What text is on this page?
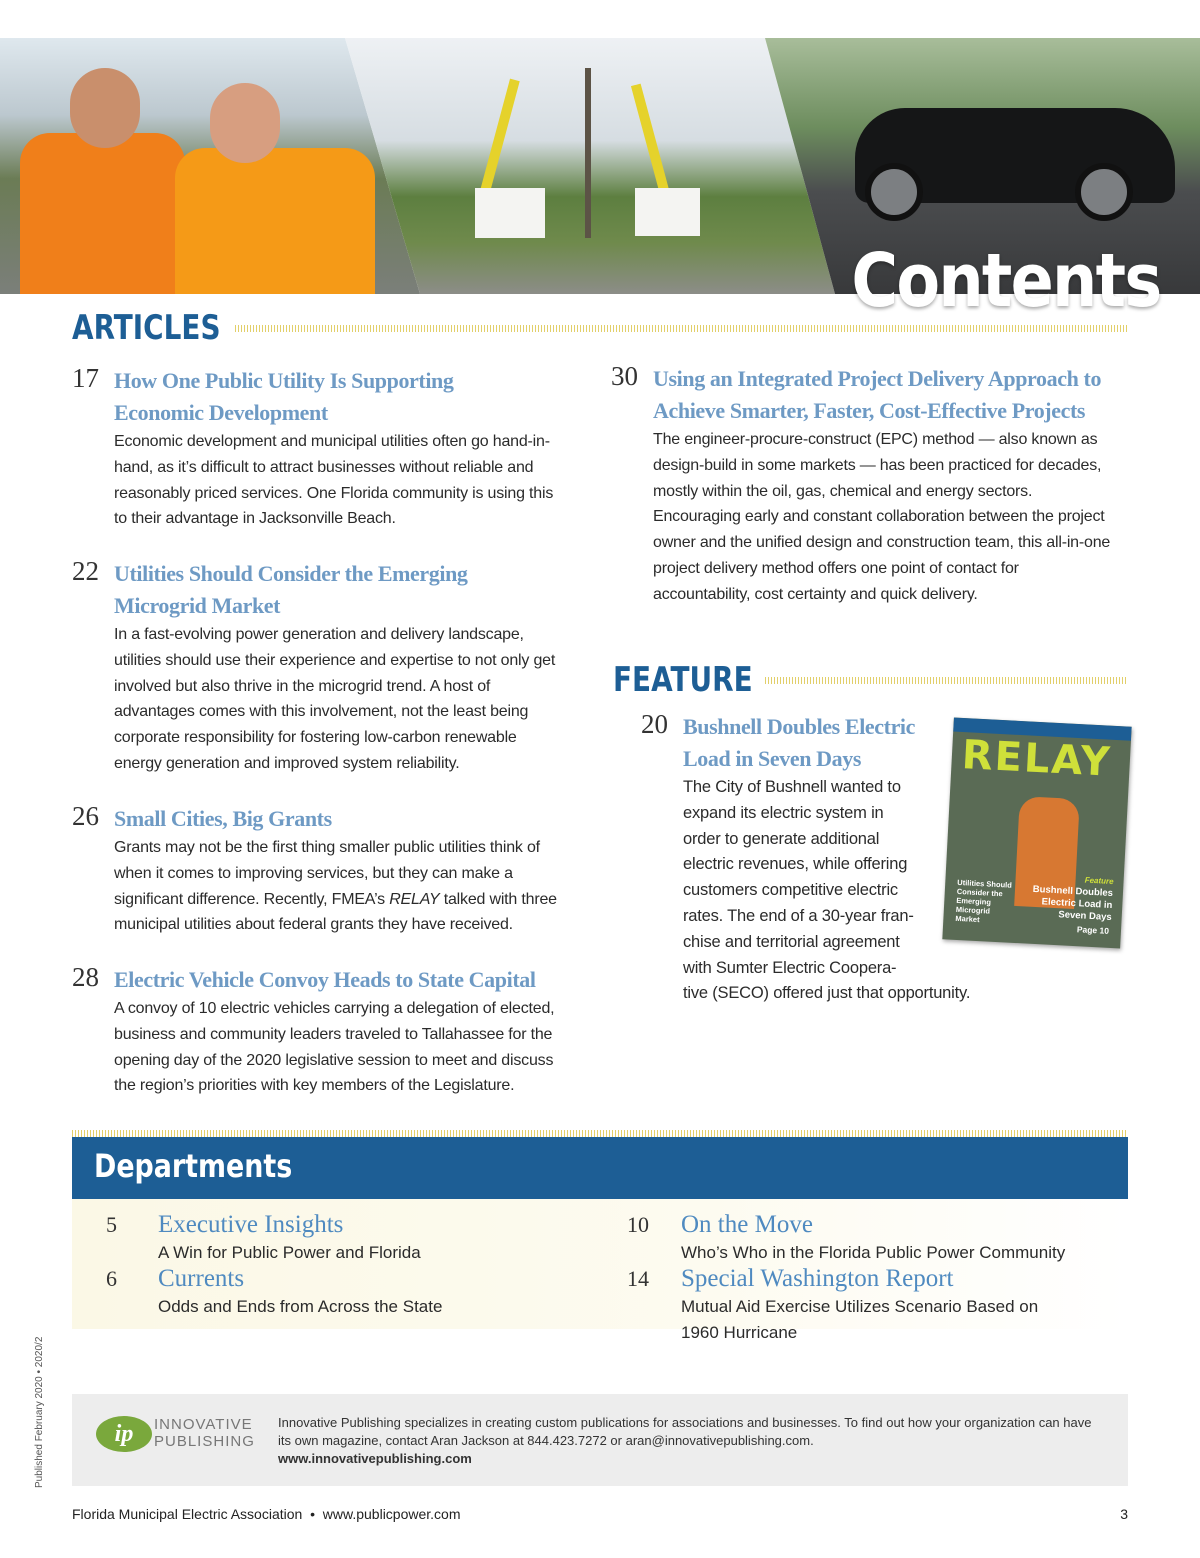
Contents
ARTICLES
17 How One Public Utility Is Supporting
Economic Development
Economic development and municipal utilities often go hand-in-hand, as it’s difficult to attract businesses without reliable and reasonably priced services. One Florida community is using this to their advantage in Jacksonville Beach.
22 Utilities Should Consider the Emerging
Microgrid Market
In a fast-evolving power generation and delivery landscape, utilities should use their experience and expertise to not only get involved but also thrive in the microgrid trend. A host of advantages comes with this involvement, not the least being corporate responsibility for fostering low-carbon renewable energy generation and improved system reliability.
26 Small Cities, Big Grants
Grants may not be the first thing smaller public utilities think of when it comes to improving services, but they can make a significant difference. Recently, FMEA’s RELAY talked with three municipal utilities about federal grants they have received.
28 Electric Vehicle Convoy Heads to State Capital
A convoy of 10 electric vehicles carrying a delegation of elected, business and community leaders traveled to Tallahassee for the opening day of the 2020 legislative session to meet and discuss the region’s priorities with key members of the Legislature.
30 Using an Integrated Project Delivery Approach to
Achieve Smarter, Faster, Cost-Effective Projects
The engineer-procure-construct (EPC) method — also known as design-build in some markets — has been practiced for decades, mostly within the oil, gas, chemical and energy sectors. Encouraging early and constant collaboration between the project owner and the unified design and construction team, this all-in-one project delivery method offers one point of contact for accountability, cost certainty and quick delivery.
FEATURE
20 Bushnell Doubles Electric
Load in Seven Days
The City of Bushnell wanted to
expand its electric system in
order to generate additional
electric revenues, while offering
customers competitive electric
rates. The end of a 30-year fran-
chise and territorial agreement
with Sumter Electric Coopera-
tive (SECO) offered just that opportunity.
RELAY
Utilities Should Consider the Emerging Microgrid Market
Feature
Bushnell Doubles Electric Load in Seven Days
Page 10
Departments
5 Executive Insights
A Win for Public Power and Florida
6 Currents
Odds and Ends from Across the State
10 On the Move
Who’s Who in the Florida Public Power Community
14 Special Washington Report
Mutual Aid Exercise Utilizes Scenario Based on
1960 Hurricane
Published February 2020 • 2020/2	ip	INNOVATIVE
PUBLISHING
Innovative Publishing specializes in creating custom publications for associations and businesses. To find out how your organization can have its own magazine, contact Aran Jackson at 844.423.7272 or aran@innovativepublishing.com.
www.innovativepublishing.com
Florida Municipal Electric Association  •  www.publicpower.com	3
